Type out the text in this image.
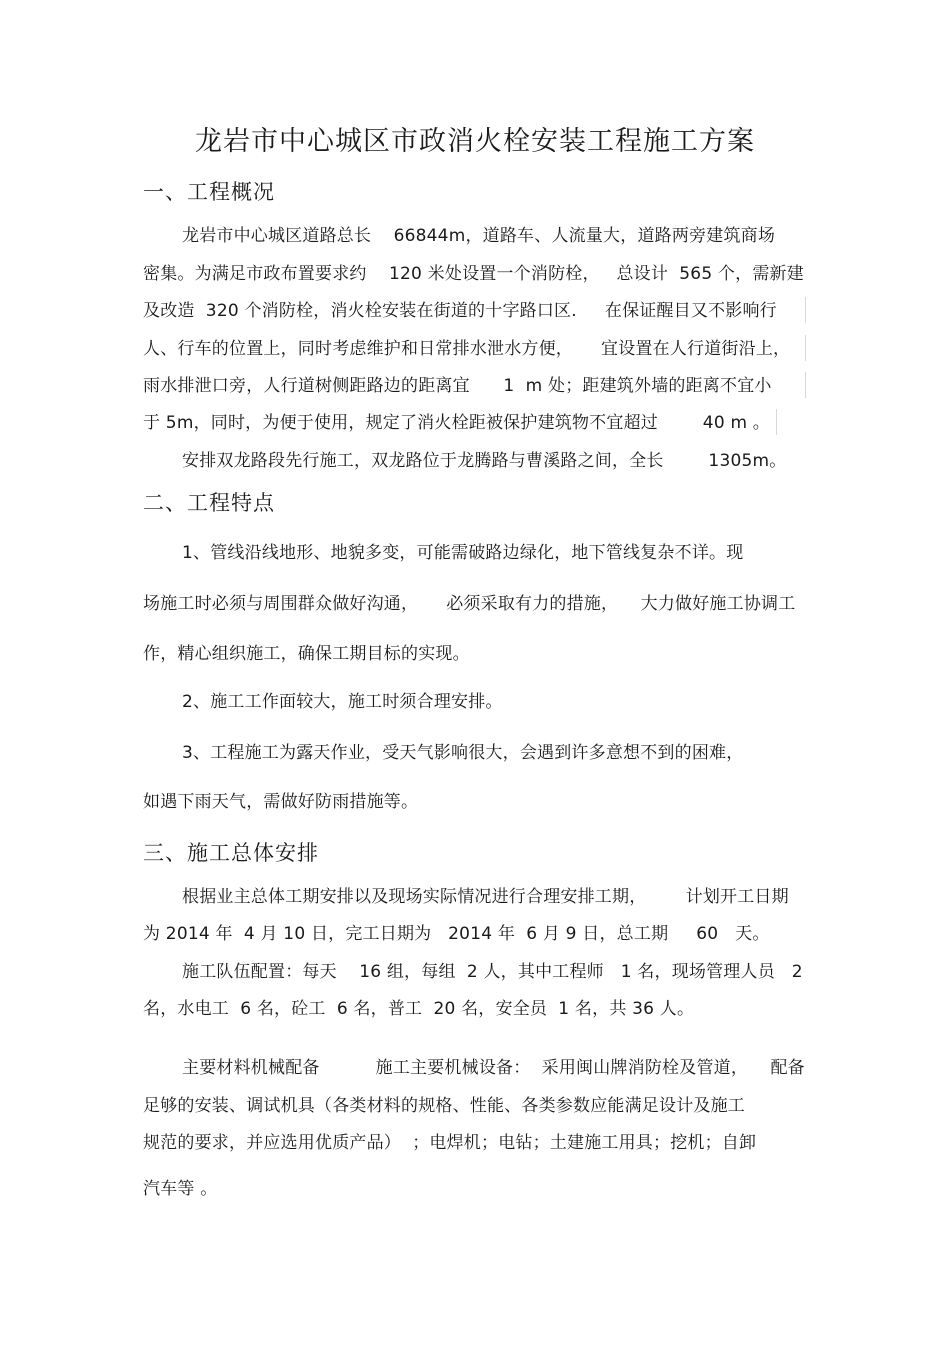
龙岩市中心城区市政消火栓安装工程施工方案
一、工程概况
龙岩市中心城区道路总长    66844m，道路车、人流量大，道路两旁建筑商场
密集。为满足市政布置要求约    120 米处设置一个消防栓，   总设计  565 个，需新建
及改造  320 个消防栓，消火栓安装在街道的十字路口区.     在保证醒目又不影响行
人、行车的位置上，同时考虑维护和日常排水泄水方便，     宜设置在人行道街沿上，
雨水排泄口旁，人行道树侧距路边的距离宜      1  m 处；距建筑外墙的距离不宜小
于 5m，同时，为便于使用，规定了消火栓距被保护建筑物不宜超过        40 m 。
安排双龙路段先行施工，双龙路位于龙腾路与曹溪路之间，全长        1305m。
二、工程特点
1、管线沿线地形、地貌多变，可能需破路边绿化，地下管线复杂不详。现
场施工时必须与周围群众做好沟通，     必须采取有力的措施，    大力做好施工协调工
作，精心组织施工，确保工期目标的实现。
2、施工工作面较大，施工时须合理安排。
3、工程施工为露天作业，受天气影响很大，会遇到许多意想不到的困难，
如遇下雨天气，需做好防雨措施等。
三、施工总体安排
根据业主总体工期安排以及现场实际情况进行合理安排工期，       计划开工日期
为 2014 年  4 月 10 日，完工日期为   2014 年  6 月 9 日，总工期     60   天。
施工队伍配置：每天    16 组，每组  2 人，其中工程师   1 名，现场管理人员   2
名，水电工  6 名，砼工  6 名，普工  20 名，安全员  1 名，共 36 人。
主要材料机械配备          施工主要机械设备：  采用闽山牌消防栓及管道，    配备
足够的安装、调试机具（各类材料的规格、性能、各类参数应能满足设计及施工
规范的要求，并应选用优质产品）  ；电焊机；电钻；土建施工用具；挖机；自卸
汽车等 。
